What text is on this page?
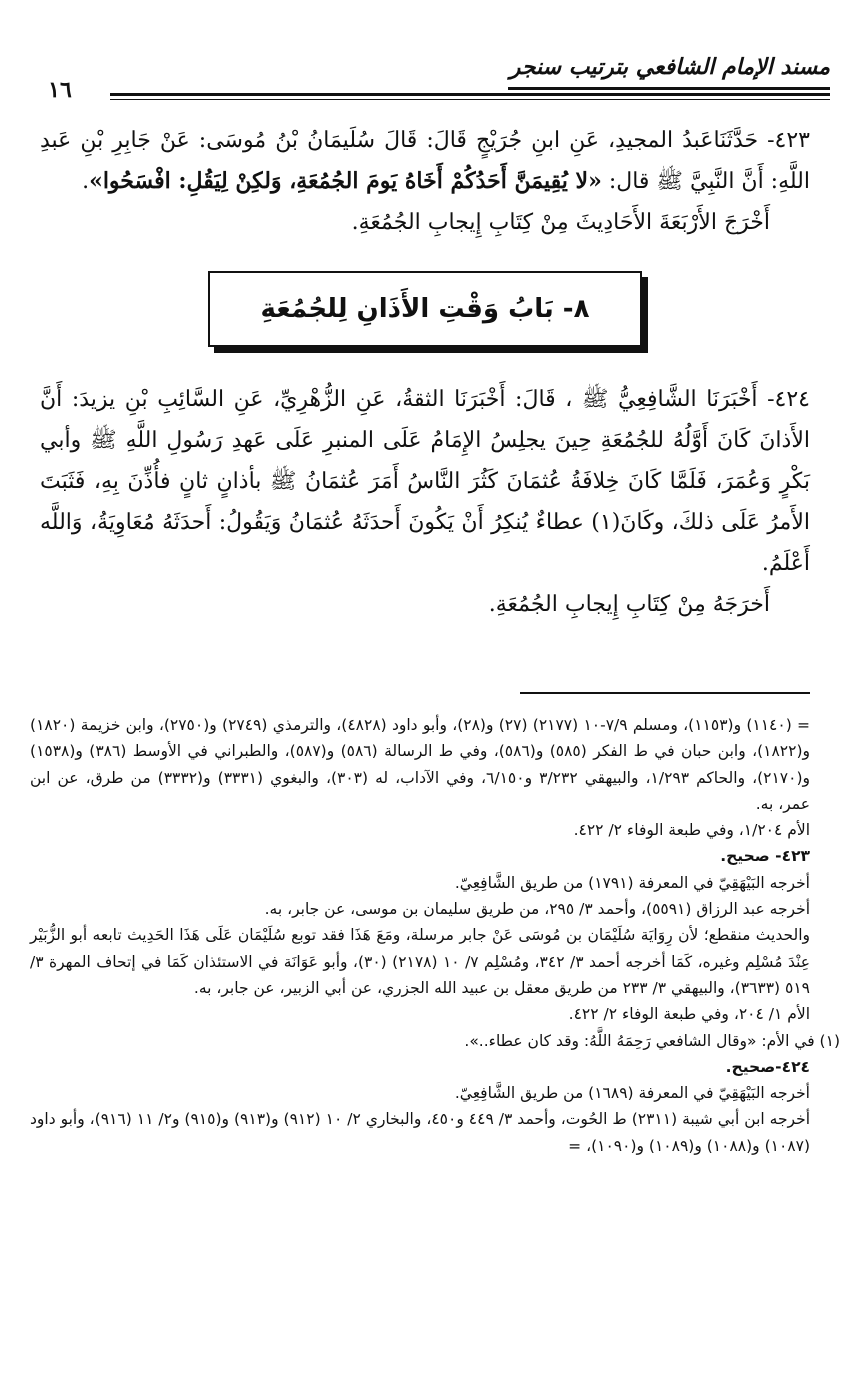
مسند الإمام الشافعي بترتيب سنجر
١٦

٤٢٣- حَدَّثَنَاعَبدُ المجيدِ، عَنِ ابنِ جُرَيْجٍ قَالَ: قَالَ سُلَيمَانُ بْنُ مُوسَى: عَنْ جَابِرِ بْنِ عَبدِ اللَّهِ: أَنَّ النَّبِيَّ ﷺ قال: «لا يُقِيمَنَّ أَحَدُكُمْ أَخَاهُ يَومَ الجُمُعَةِ، وَلكِنْ لِيَقُلِ: افْسَحُوا».

أَخْرَجَ الأَرْبَعَةَ الأَحَادِيثَ مِنْ كِتَابِ إِيجابِ الجُمُعَةِ.

٨- بَابُ وَقْتِ الأَذَانِ لِلجُمُعَةِ

٤٢٤- أَخْبَرَنَا الشَّافِعِيُّ ﷺ ، قَالَ: أَخْبَرَنَا الثقةُ، عَنِ الزُّهْرِيِّ، عَنِ السَّائِبِ بْنِ يزيدَ: أَنَّ الأَذانَ كَانَ أَوَّلُهُ للجُمُعَةِ حِينَ يجلِسُ الإِمَامُ عَلَى المنبرِ عَلَى عَهدِ رَسُولِ اللَّهِ ﷺ وأبي بَكْرٍ وَعُمَرَ، فَلَمَّا كَانَ خِلافَةُ عُثمَانَ كَثُرَ النَّاسُ أَمَرَ عُثمَانُ ﷺ بأذانٍ ثانٍ فأُذِّنَ بِهِ، فَثَبَتَ الأَمرُ عَلَى ذلكَ، وكَانَ(١) عطاءٌ يُنكِرُ أَنْ يَكُونَ أَحدَثَهُ عُثمَانُ وَيَقُولُ: أَحدَثَهُ مُعَاوِيَةُ، وَاللَّه أَعْلَمُ.

أَخرَجَهُ مِنْ كِتَابِ إِيجابِ الجُمُعَةِ.

= (١١٤٠) و(١١٥٣)، ومسلم ٧/٩-١٠ (٢١٧٧) (٢٧) و(٢٨)، وأبو داود (٤٨٢٨)، والترمذي (٢٧٤٩) و(٢٧٥٠)، وابن خزيمة (١٨٢٠) و(١٨٢٢)، وابن حبان في ط الفكر (٥٨٥) و(٥٨٦)، وفي ط الرسالة (٥٨٦) و(٥٨٧)، والطبراني في الأوسط (٣٨٦) و(١٥٣٨) و(٢١٧٠)، والحاكم ١/٢٩٣، والبيهقي ٣/٢٣٢ و٦/١٥٠، وفي الآداب، له (٣٠٣)، والبغوي (٣٣٣١) و(٣٣٣٢) من طرق، عن ابن عمر، به.

الأم ١/٢٠٤، وفي طبعة الوفاء ٢/ ٤٢٢.

٤٢٣- صحيح.

أخرجه البَيْهَقِيّ في المعرفة (١٧٩١) من طريق الشَّافِعِيّ.

أخرجه عبد الرزاق (٥٥٩١)، وأحمد ٣/ ٢٩٥، من طريق سليمان بن موسى، عن جابر، به.

والحديث منقطع؛ لأن رِوَايَة سُلَيْمَان بن مُوسَى عَنْ جابر مرسلة، ومَعَ هَذَا فقد توبع سُلَيْمَان عَلَى هَذَا الحَدِيث تابعه أبو الزُّبَيْر عِنْدَ مُسْلِم وغيره، كَمَا أخرجه أحمد ٣/ ٣٤٢، ومُسْلِم ٧/ ١٠ (٢١٧٨) (٣٠)، وأبو عَوَانَة في الاستئذان كَمَا في إتحاف المهرة ٣/ ٥١٩ (٣٦٣٣)، والبيهقي ٣/ ٢٣٣ من طريق معقل بن عبيد الله الجزري، عن أبي الزبير، عن جابر، به.

الأم ١/ ٢٠٤، وفي طبعة الوفاء ٢/ ٤٢٢.

(١) في الأم: «وقال الشافعي رَحِمَهُ اللَّهُ: وقد كان عطاء..».

٤٢٤-صحيح.

أخرجه البَيْهَقِيّ في المعرفة (١٦٨٩) من طريق الشَّافِعِيّ.

أخرجه ابن أبي شيبة (٢٣١١) ط الحُوت، وأحمد ٣/ ٤٤٩ و٤٥٠، والبخاري ٢/ ١٠ (٩١٢) و(٩١٣) و(٩١٥) و٢/ ١١ (٩١٦)، وأبو داود (١٠٨٧) و(١٠٨٨) و(١٠٨٩) و(١٠٩٠)، =
